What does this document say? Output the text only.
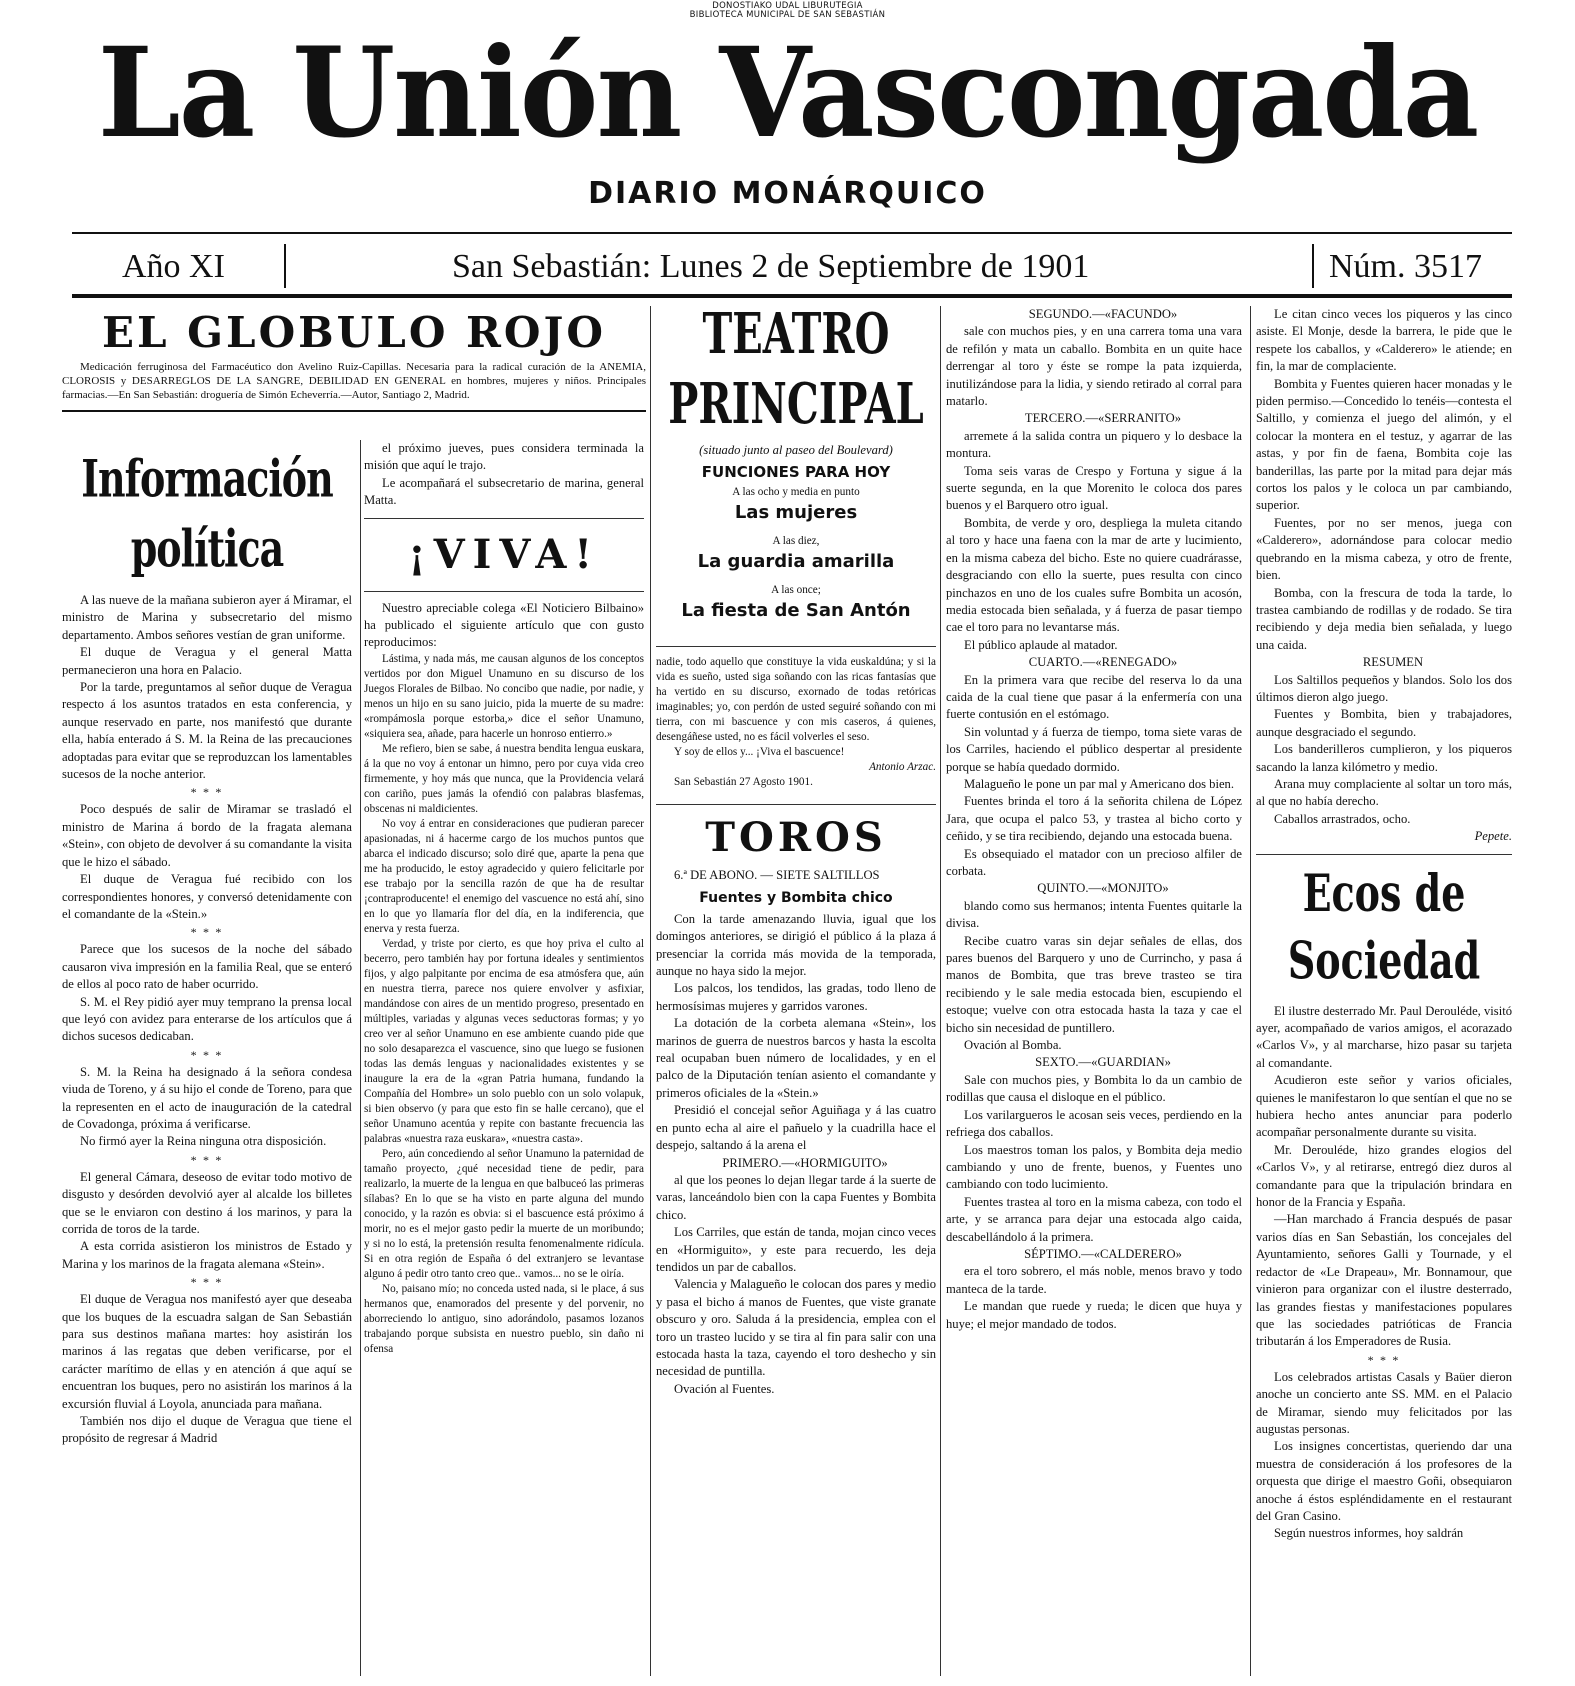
DONOSTIAKO UDAL LIBURUTEGIA
BIBLIOTECA MUNICIPAL DE SAN SEBASTIÁN
La Unión Vascongada
DIARIO MONÁRQUICO
Año XI	San Sebastián: Lunes 2 de Septiembre de 1901	Núm. 3517
EL GLOBULO ROJO

Medicación ferruginosa del Farmacéutico don Avelino Ruiz-Capillas. Necesaria para la radical curación de la ANEMIA, CLOROSIS y DESARREGLOS DE LA SANGRE, DEBILIDAD EN GENERAL en hombres, mujeres y niños. Principales farmacias.—En San Sebastián: droguería de Simón Echeverría.—Autor, Santiago 2, Madrid.

Información política

A las nueve de la mañana subieron ayer á Miramar, el ministro de Marina y subsecretario del mismo departamento. Ambos señores vestían de gran uniforme.

El duque de Veragua y el general Matta permanecieron una hora en Palacio.

Por la tarde, preguntamos al señor duque de Veragua respecto á los asuntos tratados en esta conferencia, y aunque reservado en parte, nos manifestó que durante ella, había enterado á S. M. la Reina de las precauciones adoptadas para evitar que se reproduzcan los lamentables sucesos de la noche anterior.

* * *

Poco después de salir de Miramar se trasladó el ministro de Marina á bordo de la fragata alemana «Stein», con objeto de devolver á su comandante la visita que le hizo el sábado.

El duque de Veragua fué recibido con los correspondientes honores, y conversó detenidamente con el comandante de la «Stein.»

* * *

Parece que los sucesos de la noche del sábado causaron viva impresión en la familia Real, que se enteró de ellos al poco rato de haber ocurrido.

S. M. el Rey pidió ayer muy temprano la prensa local que leyó con avidez para enterarse de los artículos que á dichos sucesos dedicaban.

* * *

S. M. la Reina ha designado á la señora condesa viuda de Toreno, y á su hijo el conde de Toreno, para que la representen en el acto de inauguración de la catedral de Covadonga, próxima á verificarse.

No firmó ayer la Reina ninguna otra disposición.

* * *

El general Cámara, deseoso de evitar todo motivo de disgusto y desórden devolvió ayer al alcalde los billetes que se le enviaron con destino á los marinos, y para la corrida de toros de la tarde.

A esta corrida asistieron los ministros de Estado y Marina y los marinos de la fragata alemana «Stein».

* * *

El duque de Veragua nos manifestó ayer que deseaba que los buques de la escuadra salgan de San Sebastián para sus destinos mañana martes: hoy asistirán los marinos á las regatas que deben verificarse, por el carácter marítimo de ellas y en atención á que aquí se encuentran los buques, pero no asistirán los marinos á la excursión fluvial á Loyola, anunciada para mañana.

También nos dijo el duque de Veragua que tiene el propósito de regresar á Madrid

el próximo jueves, pues considera terminada la misión que aquí le trajo.

Le acompañará el subsecretario de marina, general Matta.

¡VIVA!

Nuestro apreciable colega «El Noticiero Bilbaino» ha publicado el siguiente artículo que con gusto reproducimos:

Lástima, y nada más, me causan algunos de los conceptos vertidos por don Miguel Unamuno en su discurso de los Juegos Florales de Bilbao. No concibo que nadie, por nadie, y menos un hijo en su sano juicio, pida la muerte de su madre: «rompámosla porque estorba,» dice el señor Unamuno, «siquiera sea, añade, para hacerle un honroso entierro.»

Me refiero, bien se sabe, á nuestra bendita lengua euskara, á la que no voy á entonar un himno, pero por cuya vida creo firmemente, y hoy más que nunca, que la Providencia velará con cariño, pues jamás la ofendió con palabras blasfemas, obscenas ni maldicientes.

No voy á entrar en consideraciones que pudieran parecer apasionadas, ni á hacerme cargo de los muchos puntos que abarca el indicado discurso; solo diré que, aparte la pena que me ha producido, le estoy agradecido y quiero felicitarle por ese trabajo por la sencilla razón de que ha de resultar ¡contraproducente! el enemigo del vascuence no está ahí, sino en lo que yo llamaría flor del día, en la indiferencia, que enerva y resta fuerza.

Verdad, y triste por cierto, es que hoy priva el culto al becerro, pero también hay por fortuna ideales y sentimientos fijos, y algo palpitante por encima de esa atmósfera que, aún en nuestra tierra, parece nos quiere envolver y asfixiar, mandándose con aires de un mentido progreso, presentado en múltiples, variadas y algunas veces seductoras formas; y yo creo ver al señor Unamuno en ese ambiente cuando pide que no solo desaparezca el vascuence, sino que luego se fusionen todas las demás lenguas y nacionalidades existentes y se inaugure la era de la «gran Patria humana, fundando la Compañía del Hombre» un solo pueblo con un solo volapuk, si bien observo (y para que esto fin se halle cercano), que el señor Unamuno acentúa y repite con bastante frecuencia las palabras «nuestra raza euskara», «nuestra casta».

Pero, aún concediendo al señor Unamuno la paternidad de tamaño proyecto, ¿qué necesidad tiene de pedir, para realizarlo, la muerte de la lengua en que balbuceó las primeras sílabas? En lo que se ha visto en parte alguna del mundo conocido, y la razón es obvia: si el bascuence está próximo á morir, no es el mejor gasto pedir la muerte de un moribundo; y si no lo está, la pretensión resulta fenomenalmente ridícula. Si en otra región de España ó del extranjero se levantase alguno á pedir otro tanto creo que.. vamos... no se le oiría.

No, paisano mío; no conceda usted nada, si le place, á sus hermanos que, enamorados del presente y del porvenir, no aborreciendo lo antiguo, sino adorándolo, pasamos lozanos trabajando porque subsista en nuestro pueblo, sin daño ni ofensa

TEATRO PRINCIPAL

(situado junto al paseo del Boulevard)

FUNCIONES PARA HOY

A las ocho y media en punto

Las mujeres

A las diez,

La guardia amarilla

A las once;

La fiesta de San Antón

nadie, todo aquello que constituye la vida euskaldúna; y si la vida es sueño, usted siga soñando con las ricas fantasías que ha vertido en su discurso, exornado de todas retóricas imaginables; yo, con perdón de usted seguiré soñando con mi tierra, con mi bascuence y con mis caseros, á quienes, desengáñese usted, no es fácil volverles el seso.

Y soy de ellos y... ¡Viva el bascuence!

Antonio Arzac.

San Sebastián 27 Agosto 1901.

TOROS

6.ª DE ABONO. — SIETE SALTILLOS

Fuentes y Bombita chico

Con la tarde amenazando lluvia, igual que los domingos anteriores, se dirigió el público á la plaza á presenciar la corrida más movida de la temporada, aunque no haya sido la mejor.

Los palcos, los tendidos, las gradas, todo lleno de hermosísimas mujeres y garridos varones.

La dotación de la corbeta alemana «Stein», los marinos de guerra de nuestros barcos y hasta la escolta real ocupaban buen número de localidades, y en el palco de la Diputación tenían asiento el comandante y primeros oficiales de la «Stein.»

Presidió el concejal señor Aguiñaga y á las cuatro en punto echa al aire el pañuelo y la cuadrilla hace el despejo, saltando á la arena el

PRIMERO.—«HORMIGUITO»

al que los peones lo dejan llegar tarde á la suerte de varas, lanceándolo bien con la capa Fuentes y Bombita chico.

Los Carriles, que están de tanda, mojan cinco veces en «Hormiguito», y este para recuerdo, les deja tendidos un par de caballos.

Valencia y Malagueño le colocan dos pares y medio y pasa el bicho á manos de Fuentes, que viste granate obscuro y oro. Saluda á la presidencia, emplea con el toro un trasteo lucido y se tira al fin para salir con una estocada hasta la taza, cayendo el toro deshecho y sin necesidad de puntilla.

Ovación al Fuentes.

SEGUNDO.—«FACUNDO»

sale con muchos pies, y en una carrera toma una vara de refilón y mata un caballo. Bombita en un quite hace derrengar al toro y éste se rompe la pata izquierda, inutilizándose para la lidia, y siendo retirado al corral para matarlo.

TERCERO.—«SERRANITO»

arremete á la salida contra un piquero y lo desbace la montura.

Toma seis varas de Crespo y Fortuna y sigue á la suerte segunda, en la que Morenito le coloca dos pares buenos y el Barquero otro igual.

Bombita, de verde y oro, despliega la muleta citando al toro y hace una faena con la mar de arte y lucimiento, en la misma cabeza del bicho. Este no quiere cuadrárasse, desgraciando con ello la suerte, pues resulta con cinco pinchazos en uno de los cuales sufre Bombita un acosón, media estocada bien señalada, y á fuerza de pasar tiempo cae el toro para no levantarse más.

El público aplaude al matador.

CUARTO.—«RENEGADO»

En la primera vara que recibe del reserva lo da una caida de la cual tiene que pasar á la enfermería con una fuerte contusión en el estómago.

Sin voluntad y á fuerza de tiempo, toma siete varas de los Carriles, haciendo el público despertar al presidente porque se había quedado dormido.

Malagueño le pone un par mal y Americano dos bien.

Fuentes brinda el toro á la señorita chilena de López Jara, que ocupa el palco 53, y trastea al bicho corto y ceñido, y se tira recibiendo, dejando una estocada buena.

Es obsequiado el matador con un precioso alfiler de corbata.

QUINTO.—«MONJITO»

blando como sus hermanos; intenta Fuentes quitarle la divisa.

Recibe cuatro varas sin dejar señales de ellas, dos pares buenos del Barquero y uno de Currincho, y pasa á manos de Bombita, que tras breve trasteo se tira recibiendo y le sale media estocada bien, escupiendo el estoque; vuelve con otra estocada hasta la taza y cae el bicho sin necesidad de puntillero.

Ovación al Bomba.

SEXTO.—«GUARDIAN»

Sale con muchos pies, y Bombita lo da un cambio de rodillas que causa el disloque en el público.

Los varilargueros le acosan seis veces, perdiendo en la refriega dos caballos.

Los maestros toman los palos, y Bombita deja medio cambiando y uno de frente, buenos, y Fuentes uno cambiando con todo lucimiento.

Fuentes trastea al toro en la misma cabeza, con todo el arte, y se arranca para dejar una estocada algo caida, descabellándolo á la primera.

SÉPTIMO.—«CALDERERO»

era el toro sobrero, el más noble, menos bravo y todo manteca de la tarde.

Le mandan que ruede y rueda; le dicen que huya y huye; el mejor mandado de todos.

Le citan cinco veces los piqueros y las cinco asiste. El Monje, desde la barrera, le pide que le respete los caballos, y «Calderero» le atiende; en fin, la mar de complaciente.

Bombita y Fuentes quieren hacer monadas y le piden permiso.—Concedido lo tenéis—contesta el Saltillo, y comienza el juego del alimón, y el colocar la montera en el testuz, y agarrar de las astas, y por fin de faena, Bombita coje las banderillas, las parte por la mitad para dejar más cortos los palos y le coloca un par cambiando, superior.

Fuentes, por no ser menos, juega con «Calderero», adornándose para colocar medio quebrando en la misma cabeza, y otro de frente, bien.

Bomba, con la frescura de toda la tarde, lo trastea cambiando de rodillas y de rodado. Se tira recibiendo y deja media bien señalada, y luego una caida.

RESUMEN

Los Saltillos pequeños y blandos. Solo los dos últimos dieron algo juego.

Fuentes y Bombita, bien y trabajadores, aunque desgraciado el segundo.

Los banderilleros cumplieron, y los piqueros sacando la lanza kilómetro y medio.

Arana muy complaciente al soltar un toro más, al que no había derecho.

Caballos arrastrados, ocho.

Pepete.

Ecos de Sociedad

El ilustre desterrado Mr. Paul Derouléde, visitó ayer, acompañado de varios amigos, el acorazado «Carlos V», y al marcharse, hizo pasar su tarjeta al comandante.

Acudieron este señor y varios oficiales, quienes le manifestaron lo que sentían el que no se hubiera hecho antes anunciar para poderlo acompañar personalmente durante su visita.

Mr. Derouléde, hizo grandes elogios del «Carlos V», y al retirarse, entregó diez duros al comandante para que la tripulación brindara en honor de la Francia y España.

—Han marchado á Francia después de pasar varios días en San Sebastián, los concejales del Ayuntamiento, señores Galli y Tournade, y el redactor de «Le Drapeau», Mr. Bonnamour, que vinieron para organizar con el ilustre desterrado, las grandes fiestas y manifestaciones populares que las sociedades patrióticas de Francia tributarán á los Emperadores de Rusia.

* * *

Los celebrados artistas Casals y Baüer dieron anoche un concierto ante SS. MM. en el Palacio de Miramar, siendo muy felicitados por las augustas personas.

Los insignes concertistas, queriendo dar una muestra de consideración á los profesores de la orquesta que dirige el maestro Goñi, obsequiaron anoche á éstos espléndidamente en el restaurant del Gran Casino.

Según nuestros informes, hoy saldrán
